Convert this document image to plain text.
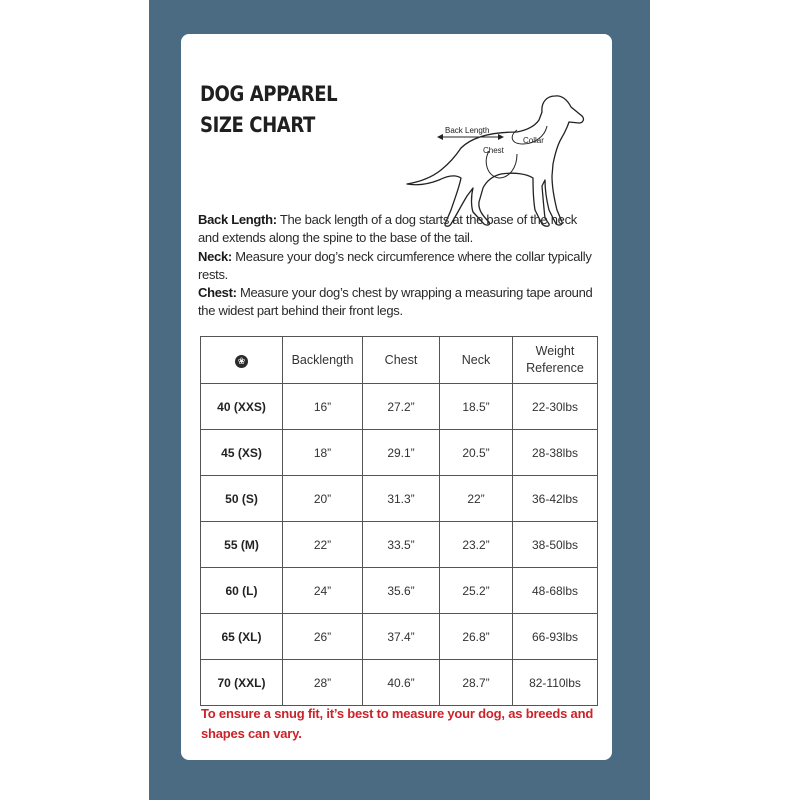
DOG APPAREL
SIZE CHART	Back Length
Collar
Chest

Back Length: The back length of a dog starts at the base of the neck and extends along the spine to the base of the tail.

Neck: Measure your dog’s neck circumference where the collar typically rests.

Chest: Measure your dog’s chest by wrapping a measuring tape around the widest part behind their front legs.

❀	Backlength	Chest	Neck	Weight Reference
40 (XXS)	16”	27.2”	18.5”	22-30lbs
45 (XS)	18”	29.1”	20.5”	28-38lbs
50 (S)	20”	31.3”	22”	36-42lbs
55 (M)	22”	33.5”	23.2”	38-50lbs
60 (L)	24”	35.6”	25.2”	48-68lbs
65 (XL)	26”	37.4”	26.8”	66-93lbs
70 (XXL)	28”	40.6”	28.7”	82-110lbs

To ensure a snug fit, it’s best to measure your dog, as breeds and shapes can vary.
